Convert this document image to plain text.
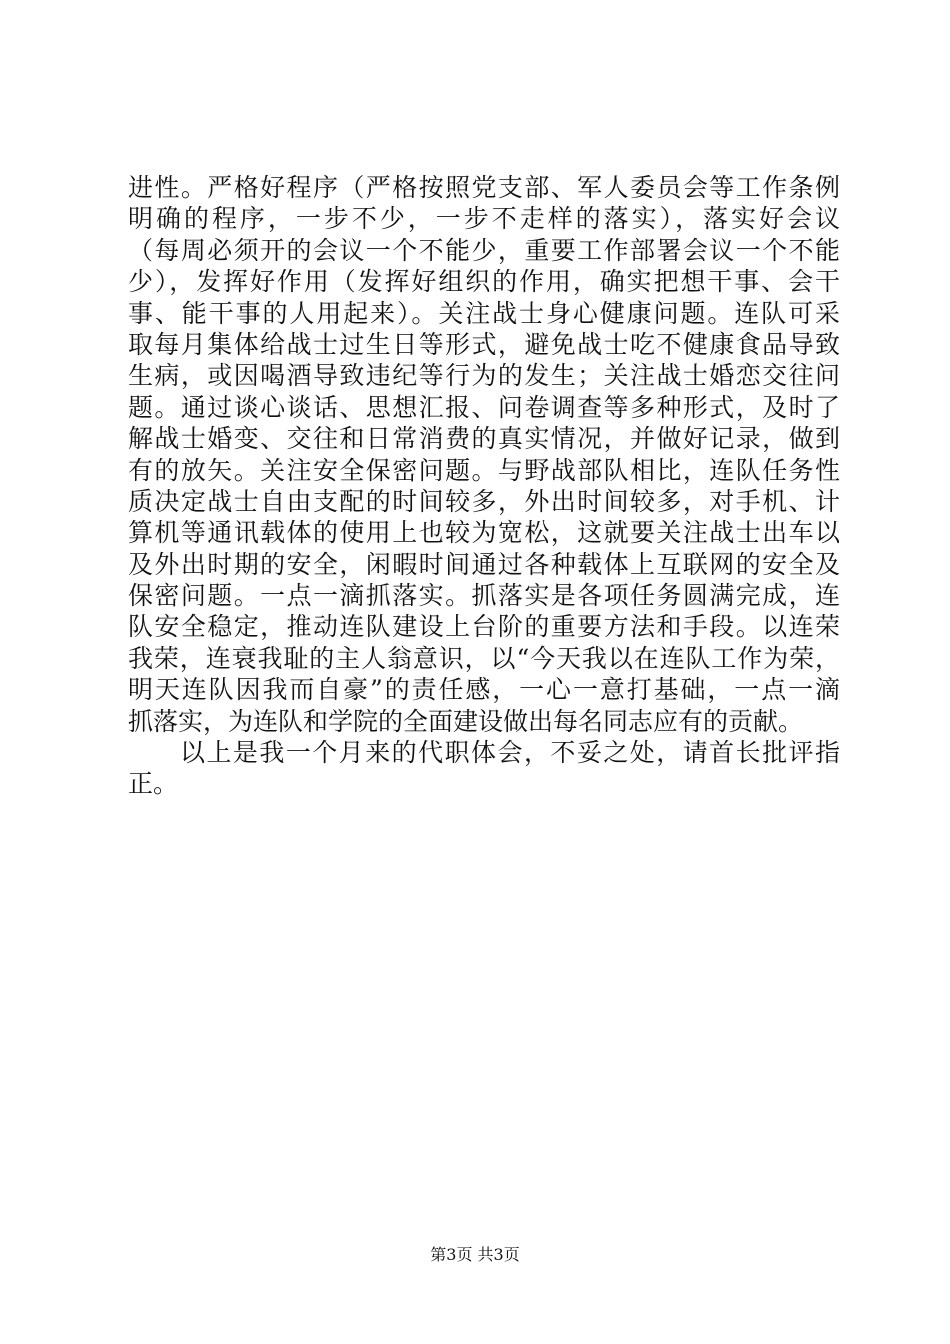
进性。严格好程序（严格按照党支部、军人委员会等工作条例
明确的程序，一步不少，一步不走样的落实），落实好会议
（每周必须开的会议一个不能少，重要工作部署会议一个不能
少），发挥好作用（发挥好组织的作用，确实把想干事、会干
事、能干事的人用起来）。关注战士身心健康问题。连队可采
取每月集体给战士过生日等形式，避免战士吃不健康食品导致
生病，或因喝酒导致违纪等行为的发生；关注战士婚恋交往问
题。通过谈心谈话、思想汇报、问卷调查等多种形式，及时了
解战士婚变、交往和日常消费的真实情况，并做好记录，做到
有的放矢。关注安全保密问题。与野战部队相比，连队任务性
质决定战士自由支配的时间较多，外出时间较多，对手机、计
算机等通讯载体的使用上也较为宽松，这就要关注战士出车以
及外出时期的安全，闲暇时间通过各种载体上互联网的安全及
保密问题。一点一滴抓落实。抓落实是各项任务圆满完成，连
队安全稳定，推动连队建设上台阶的重要方法和手段。以连荣
我荣，连衰我耻的主人翁意识，以“今天我以在连队工作为荣，
明天连队因我而自豪”的责任感，一心一意打基础，一点一滴
抓落实，为连队和学院的全面建设做出每名同志应有的贡献。
以上是我一个月来的代职体会，不妥之处，请首长批评指
正。
第3页 共3页
